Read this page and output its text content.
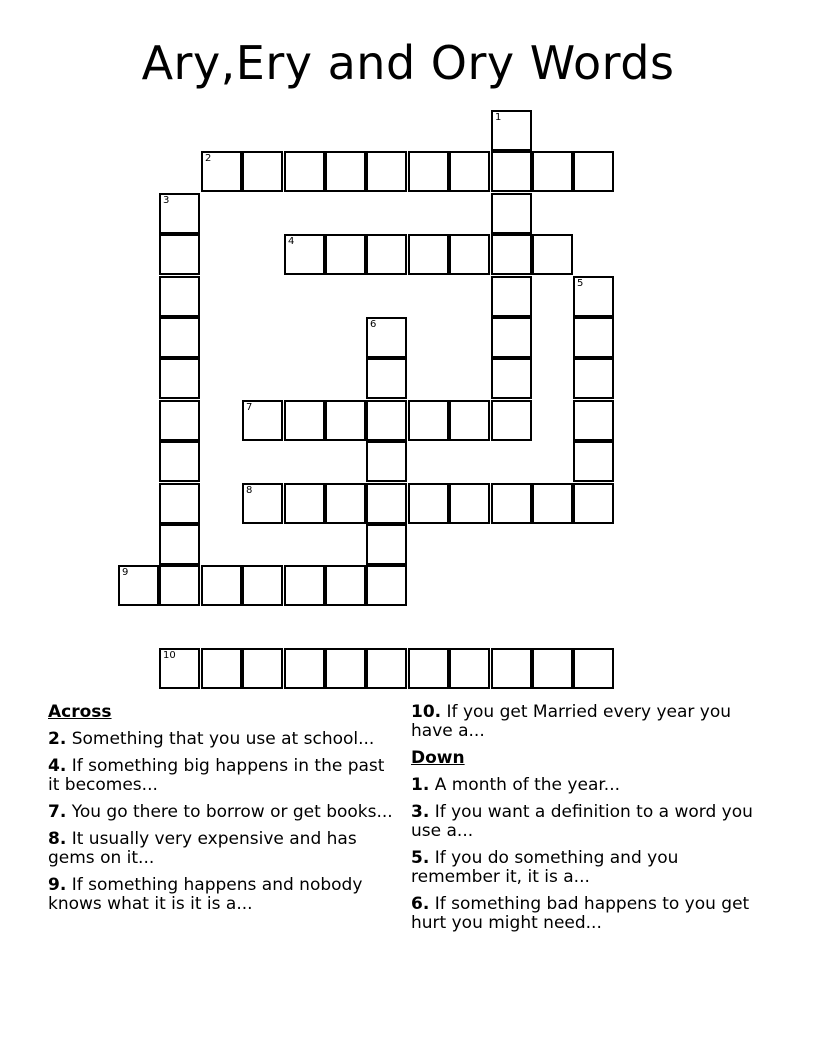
Ary,Ery and Ory Words
1
2
3
4
5
6
7
8
9
10
Across
2. Something that you use at school...
4. If something big happens in the past it becomes...
7. You go there to borrow or get books...
8. It usually very expensive and has gems on it...
9. If something happens and nobody knows what it is it is a...
10. If you get Married every year you have a...
Down
1. A month of the year...
3. If you want a definition to a word you use a...
5. If you do something and you remember it, it is a...
6. If something bad happens to you get hurt you might need...
